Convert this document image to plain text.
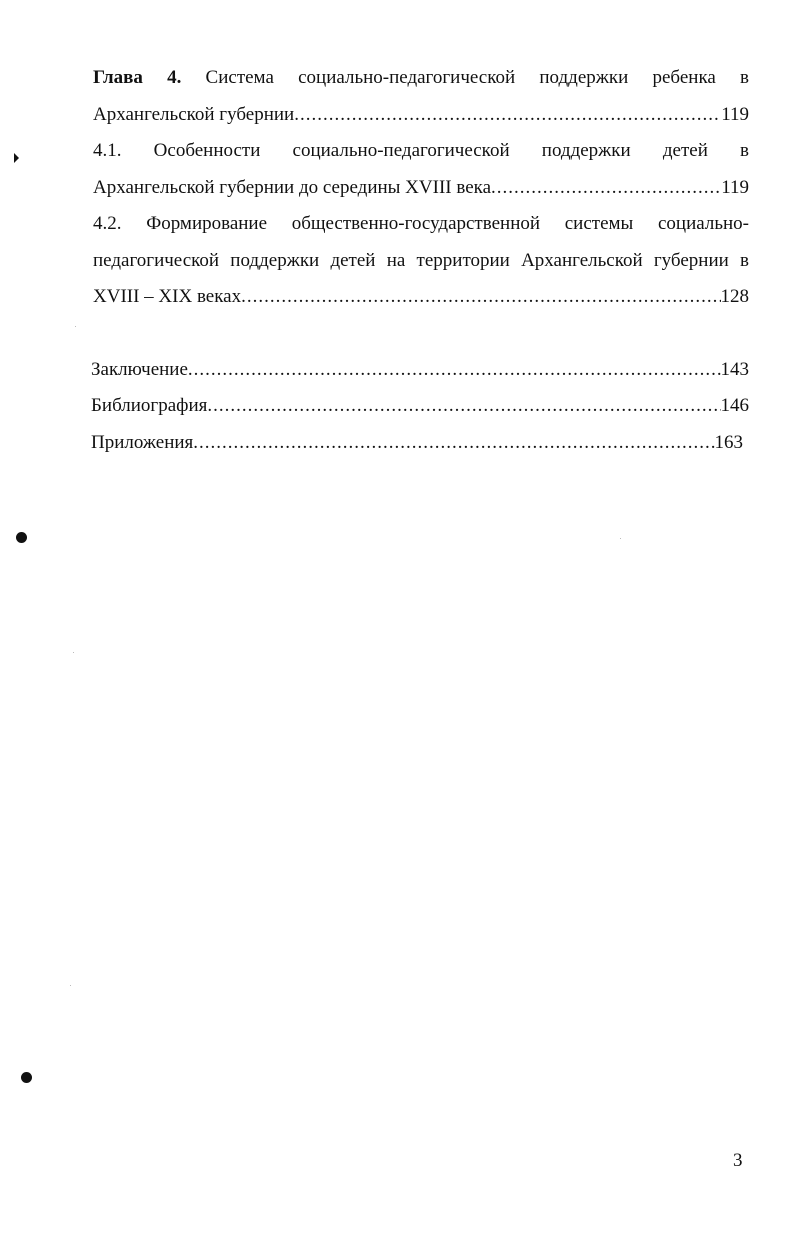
Глава 4. Система социально-педагогической поддержки ребенка в
Архангельской губернии .....	119
4.1. Особенности социально-педагогической поддержки детей в
Архангельской губернии до середины XVIII века .....	119
4.2. Формирование общественно-государственной системы социально-
педагогической поддержки детей на территории Архангельской губернии в
XVIII – XIX веках .....	128
Заключение .....	143
Библиография .....	146
Приложения .....	163
3
